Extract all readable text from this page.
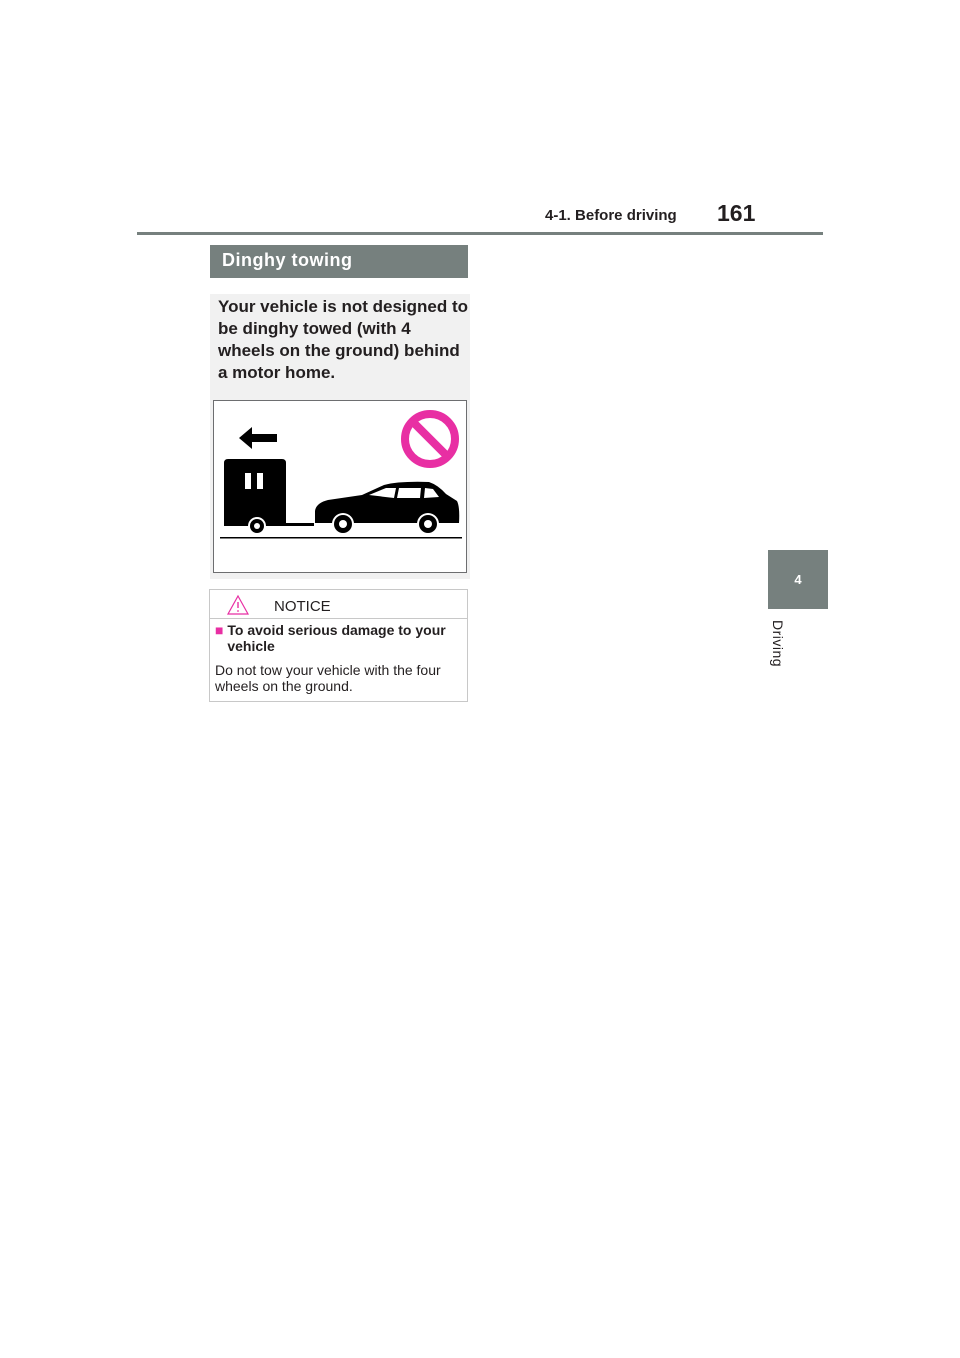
4-1. Before driving 161
4
Driving
Dinghy towing
Your vehicle is not designed to be dinghy towed (with 4 wheels on the ground) behind a motor home.
NOTICE
■ To avoid serious damage to your vehicle
Do not tow your vehicle with the four wheels on the ground.
